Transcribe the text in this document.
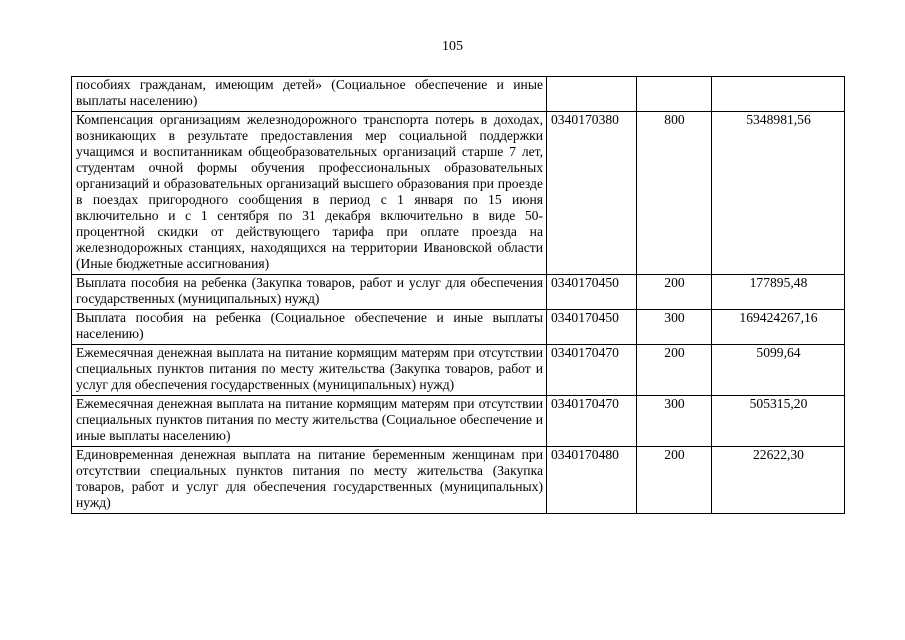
105
пособиях гражданам, имеющим детей» (Социальное обеспечение и иные выплаты населению)			
Компенсация организациям железнодорожного транспорта потерь в доходах, возникающих в результате предоставления мер социальной поддержки учащимся и воспитанникам общеобразовательных организаций старше 7 лет, студентам очной формы обучения профессиональных образовательных организаций и образовательных организаций высшего образования при проезде в поездах пригородного сообщения в период с 1 января по 15 июня включительно и с 1 сентября по 31 декабря включительно в виде 50-процентной скидки от действующего тарифа при оплате проезда на железнодорожных станциях, находящихся на территории Ивановской области (Иные бюджетные ассигнования)	0340170380	800	5348981,56
Выплата пособия на ребенка (Закупка товаров, работ и услуг для обеспечения государственных (муниципальных) нужд)	0340170450	200	177895,48
Выплата пособия на ребенка (Социальное обеспечение и иные выплаты населению)	0340170450	300	169424267,16
Ежемесячная денежная выплата на питание кормящим матерям при отсутствии специальных пунктов питания по месту жительства (Закупка товаров, работ и услуг для обеспечения государственных (муниципальных) нужд)	0340170470	200	5099,64
Ежемесячная денежная выплата на питание кормящим матерям при отсутствии специальных пунктов питания по месту жительства (Социальное обеспечение и иные выплаты населению)	0340170470	300	505315,20
Единовременная денежная выплата на питание беременным женщинам при отсутствии специальных пунктов питания по месту жительства (Закупка товаров, работ и услуг для обеспечения государственных (муниципальных) нужд)	0340170480	200	22622,30
